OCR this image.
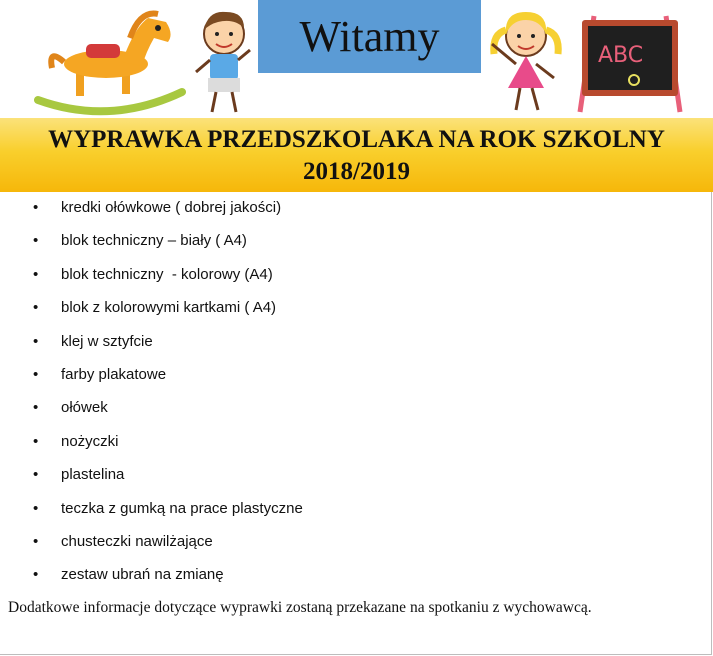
ABC
Witamy
WYPRAWKA PRZEDSZKOLAKA NA ROK SZKOLNY
2018/2019
• kredki ołówkowe ( dobrej jakości)
• blok techniczny – biały ( A4)
• blok techniczny  - kolorowy (A4)
• blok z kolorowymi kartkami ( A4)
• klej w sztyfcie
• farby plakatowe
• ołówek
• nożyczki
• plastelina
• teczka z gumką na prace plastyczne
• chusteczki nawilżające
• zestaw ubrań na zmianę
Dodatkowe informacje dotyczące wyprawki zostaną przekazane na spotkaniu z wychowawcą.
